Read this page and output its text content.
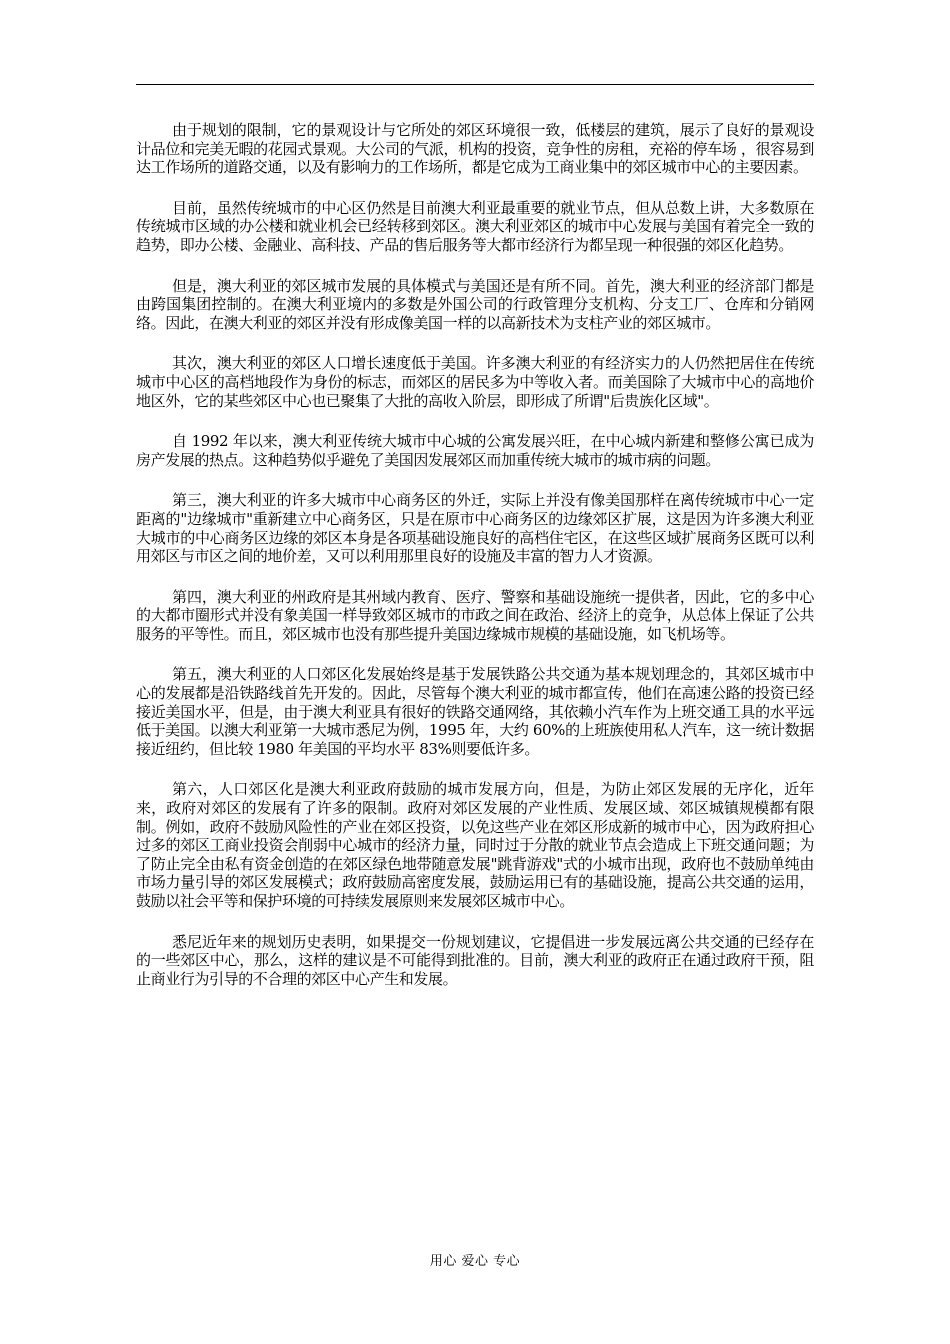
由于规划的限制，它的景观设计与它所处的郊区环境很一致，低楼层的建筑，展示了良好的景观设计品位和完美无暇的花园式景观。大公司的气派，机构的投资，竞争性的房租，充裕的停车场 ，很容易到达工作场所的道路交通，以及有影响力的工作场所，都是它成为工商业集中的郊区城市中心的主要因素。

目前，虽然传统城市的中心区仍然是目前澳大利亚最重要的就业节点，但从总数上讲，大多数原在传统城市区域的办公楼和就业机会已经转移到郊区。澳大利亚郊区的城市中心发展与美国有着完全一致的趋势，即办公楼、金融业、高科技、产品的售后服务等大都市经济行为都呈现一种很强的郊区化趋势。

但是，澳大利亚的郊区城市发展的具体模式与美国还是有所不同。首先，澳大利亚的经济部门都是由跨国集团控制的。在澳大利亚境内的多数是外国公司的行政管理分支机构、分支工厂、仓库和分销网络。因此，在澳大利亚的郊区并没有形成像美国一样的以高新技术为支柱产业的郊区城市。

其次，澳大利亚的郊区人口增长速度低于美国。许多澳大利亚的有经济实力的人仍然把居住在传统城市中心区的高档地段作为身份的标志，而郊区的居民多为中等收入者。而美国除了大城市中心的高地价地区外，它的某些郊区中心也已聚集了大批的高收入阶层，即形成了所谓"后贵族化区域"。

自 1992 年以来，澳大利亚传统大城市中心城的公寓发展兴旺，在中心城内新建和整修公寓已成为房产发展的热点。这种趋势似乎避免了美国因发展郊区而加重传统大城市的城市病的问题。

第三，澳大利亚的许多大城市中心商务区的外迁，实际上并没有像美国那样在离传统城市中心一定距离的"边缘城市"重新建立中心商务区，只是在原市中心商务区的边缘郊区扩展，这是因为许多澳大利亚大城市的中心商务区边缘的郊区本身是各项基础设施良好的高档住宅区，在这些区域扩展商务区既可以利用郊区与市区之间的地价差，又可以利用那里良好的设施及丰富的智力人才资源。

第四，澳大利亚的州政府是其州域内教育、医疗、警察和基础设施统一提供者，因此，它的多中心的大都市圈形式并没有象美国一样导致郊区城市的市政之间在政治、经济上的竞争，从总体上保证了公共服务的平等性。而且，郊区城市也没有那些提升美国边缘城市规模的基础设施，如飞机场等。

第五，澳大利亚的人口郊区化发展始终是基于发展铁路公共交通为基本规划理念的，其郊区城市中心的发展都是沿铁路线首先开发的。因此，尽管每个澳大利亚的城市都宣传，他们在高速公路的投资已经接近美国水平，但是，由于澳大利亚具有很好的铁路交通网络，其依赖小汽车作为上班交通工具的水平远低于美国。以澳大利亚第一大城市悉尼为例，1995 年，大约 60%的上班族使用私人汽车，这一统计数据接近纽约，但比较 1980 年美国的平均水平 83%则要低许多。

第六，人口郊区化是澳大利亚政府鼓励的城市发展方向，但是，为防止郊区发展的无序化，近年来，政府对郊区的发展有了许多的限制。政府对郊区发展的产业性质、发展区域、郊区城镇规模都有限制。例如，政府不鼓励风险性的产业在郊区投资，以免这些产业在郊区形成新的城市中心，因为政府担心过多的郊区工商业投资会削弱中心城市的经济力量，同时过于分散的就业节点会造成上下班交通问题；为了防止完全由私有资金创造的在郊区绿色地带随意发展"跳背游戏"式的小城市出现，政府也不鼓励单纯由市场力量引导的郊区发展模式；政府鼓励高密度发展，鼓励运用已有的基础设施，提高公共交通的运用，鼓励以社会平等和保护环境的可持续发展原则来发展郊区城市中心。

悉尼近年来的规划历史表明，如果提交一份规划建议，它提倡进一步发展远离公共交通的已经存在的一些郊区中心，那么，这样的建议是不可能得到批准的。目前，澳大利亚的政府正在通过政府干预，阻止商业行为引导的不合理的郊区中心产生和发展。

用心 爱心 专心
